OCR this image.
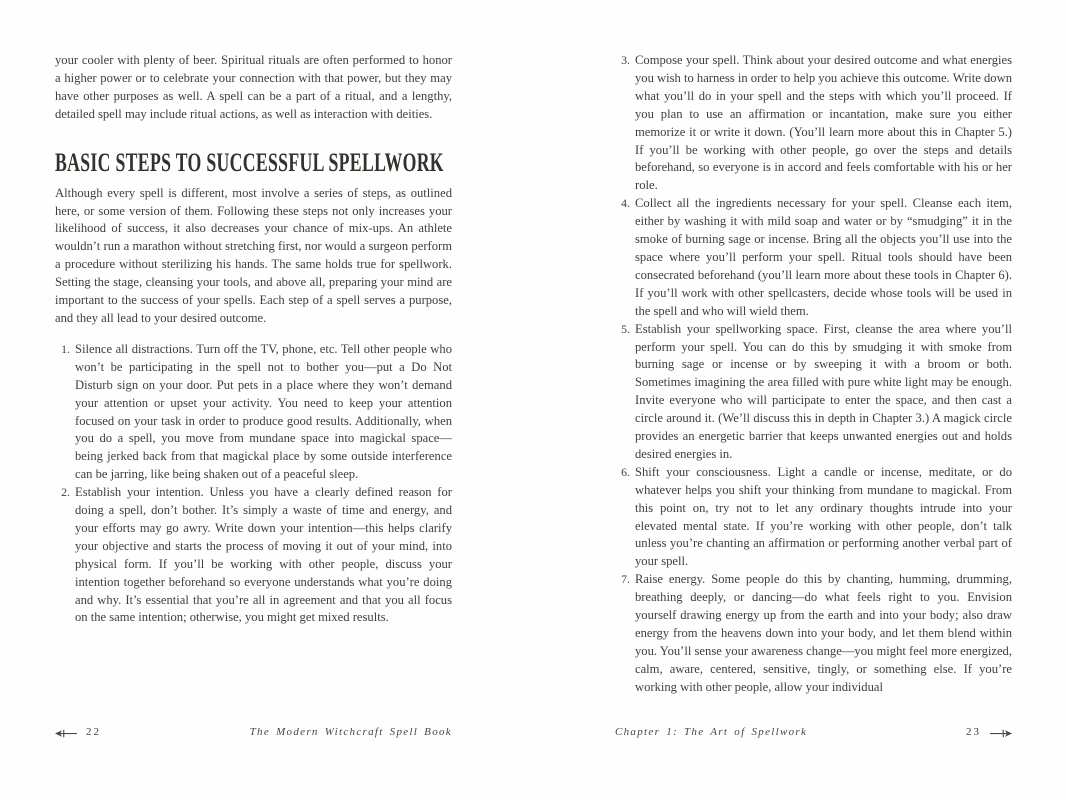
your cooler with plenty of beer. Spiritual rituals are often performed to honor a higher power or to celebrate your connection with that power, but they may have other purposes as well. A spell can be a part of a ritual, and a lengthy, detailed spell may include ritual actions, as well as interaction with deities.

BASIC STEPS TO SUCCESSFUL SPELLWORK

Although every spell is different, most involve a series of steps, as outlined here, or some version of them. Following these steps not only increases your likelihood of success, it also decreases your chance of mix-ups. An athlete wouldn’t run a marathon without stretching first, nor would a surgeon perform a procedure without sterilizing his hands. The same holds true for spellwork. Setting the stage, cleansing your tools, and above all, preparing your mind are important to the success of your spells. Each step of a spell serves a purpose, and they all lead to your desired outcome.

1. Silence all distractions. Turn off the TV, phone, etc. Tell other people who won’t be participating in the spell not to bother you—put a Do Not Disturb sign on your door. Put pets in a place where they won’t demand your attention or upset your activity. You need to keep your attention focused on your task in order to produce good results. Additionally, when you do a spell, you move from mundane space into magickal space—being jerked back from that magickal place by some outside interference can be jarring, like being shaken out of a peaceful sleep.
2. Establish your intention. Unless you have a clearly defined reason for doing a spell, don’t bother. It’s simply a waste of time and energy, and your efforts may go awry. Write down your intention—this helps clarify your objective and starts the process of moving it out of your mind, into physical form. If you’ll be working with other people, discuss your intention together beforehand so everyone understands what you’re doing and why. It’s essential that you’re all in agreement and that you all focus on the same intention; otherwise, you might get mixed results.
3. Compose your spell. Think about your desired outcome and what energies you wish to harness in order to help you achieve this outcome. Write down what you’ll do in your spell and the steps with which you’ll proceed. If you plan to use an affirmation or incantation, make sure you either memorize it or write it down. (You’ll learn more about this in Chapter 5.) If you’ll be working with other people, go over the steps and details beforehand, so everyone is in accord and feels comfortable with his or her role.
4. Collect all the ingredients necessary for your spell. Cleanse each item, either by washing it with mild soap and water or by “smudging” it in the smoke of burning sage or incense. Bring all the objects you’ll use into the space where you’ll perform your spell. Ritual tools should have been consecrated beforehand (you’ll learn more about these tools in Chapter 6). If you’ll work with other spellcasters, decide whose tools will be used in the spell and who will wield them.
5. Establish your spellworking space. First, cleanse the area where you’ll perform your spell. You can do this by smudging it with smoke from burning sage or incense or by sweeping it with a broom or both. Sometimes imagining the area filled with pure white light may be enough. Invite everyone who will participate to enter the space, and then cast a circle around it. (We’ll discuss this in depth in Chapter 3.) A magick circle provides an energetic barrier that keeps unwanted energies out and holds desired energies in.
6. Shift your consciousness. Light a candle or incense, meditate, or do whatever helps you shift your thinking from mundane to magickal. From this point on, try not to let any ordinary thoughts intrude into your elevated mental state. If you’re working with other people, don’t talk unless you’re chanting an affirmation or performing another verbal part of your spell.
7. Raise energy. Some people do this by chanting, humming, drumming, breathing deeply, or dancing—do what feels right to you. Envision yourself drawing energy up from the earth and into your body; also draw energy from the heavens down into your body, and let them blend within you. You’ll sense your awareness change—you might feel more energized, calm, aware, centered, sensitive, tingly, or something else. If you’re working with other people, allow your individual
22	The Modern Witchcraft Spell Book	Chapter 1: The Art of Spellwork	23
